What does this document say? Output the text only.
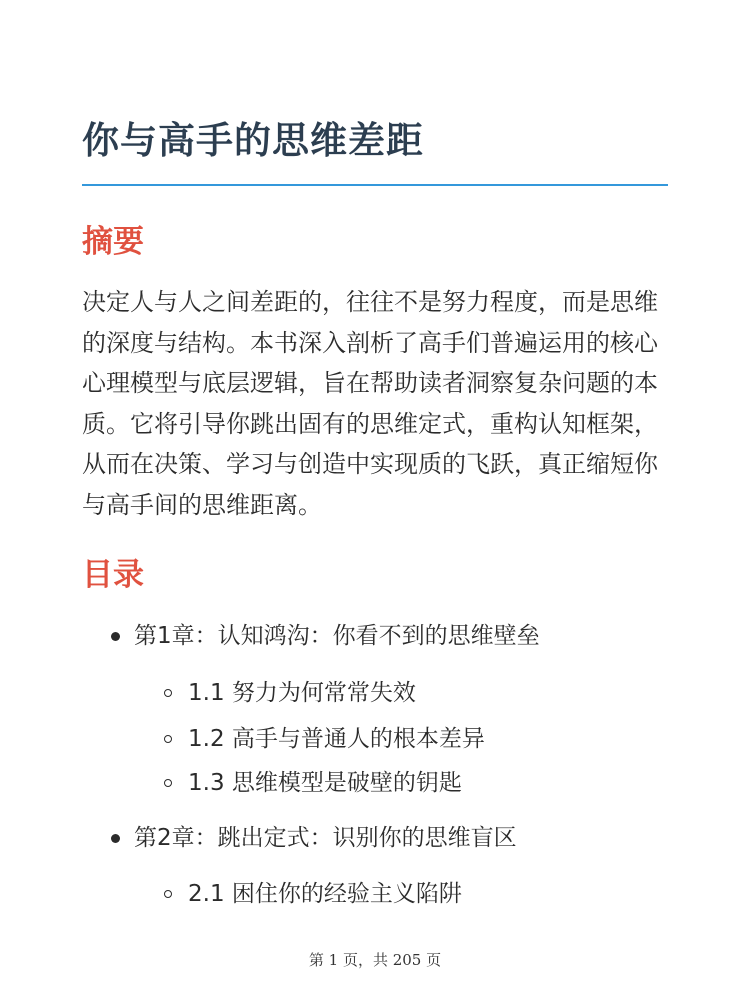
你与高手的思维差距
摘要

决定人与人之间差距的，往往不是努力程度，而是思维的深度与结构。本书深入剖析了高手们普遍运用的核心心理模型与底层逻辑，旨在帮助读者洞察复杂问题的本质。它将引导你跳出固有的思维定式，重构认知框架，从而在决策、学习与创造中实现质的飞跃，真正缩短你与高手间的思维距离。

目录
第1章：认知鸿沟：你看不到的思维壁垒
1.1 努力为何常常失效
1.2 高手与普通人的根本差异
1.3 思维模型是破壁的钥匙
第2章：跳出定式：识别你的思维盲区
2.1 困住你的经验主义陷阱
第 1 页，共 205 页
